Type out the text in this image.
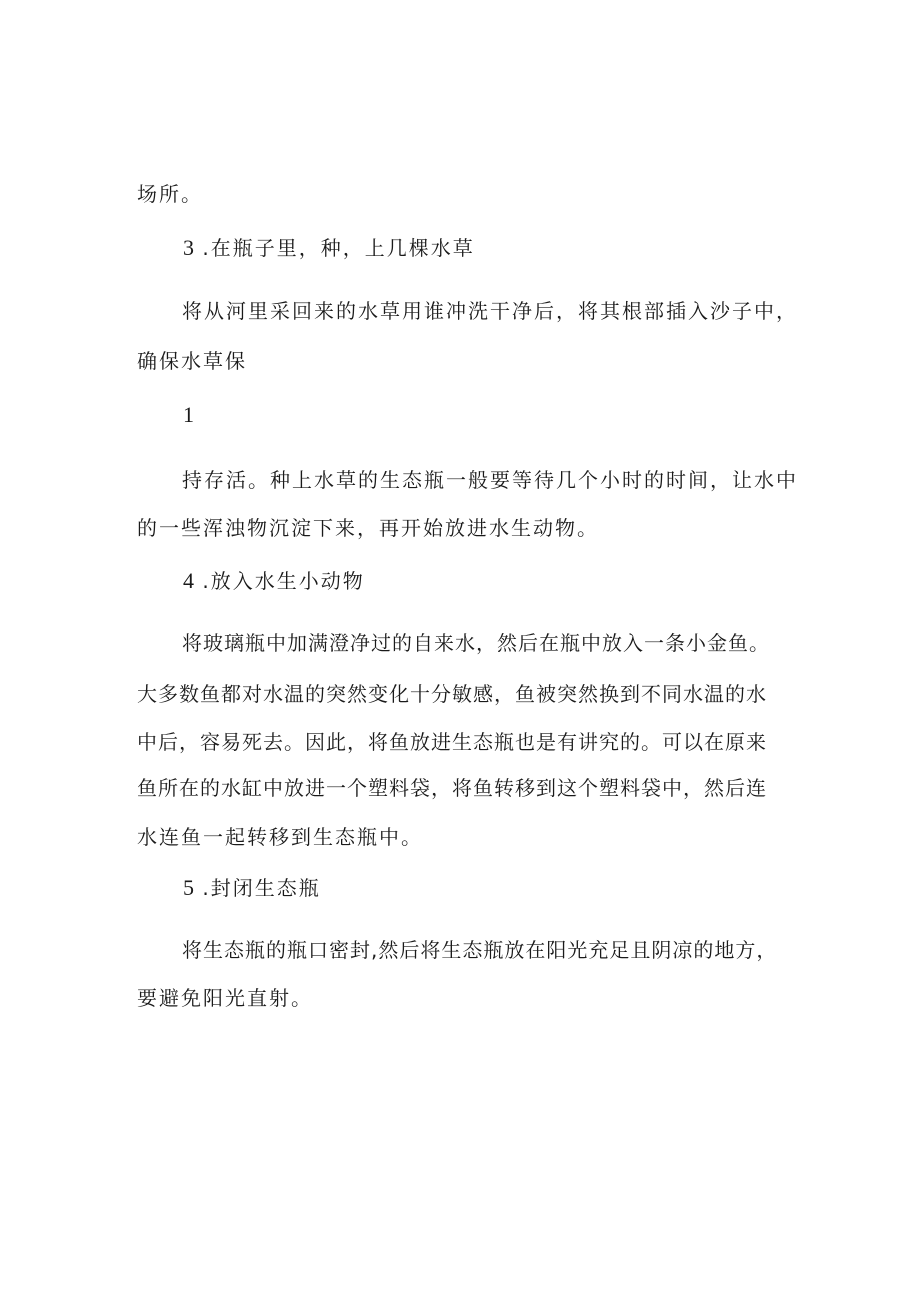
场所。
3 .在瓶子里，种，上几棵水草
将从河里采回来的水草用谁冲洗干净后，将其根部插入沙子中，
确保水草保
1
持存活。种上水草的生态瓶一般要等待几个小时的时间，让水中
的一些浑浊物沉淀下来，再开始放进水生动物。
4 .放入水生小动物
将玻璃瓶中加满澄净过的自来水，然后在瓶中放入一条小金鱼。
大多数鱼都对水温的突然变化十分敏感，鱼被突然换到不同水温的水
中后，容易死去。因此，将鱼放进生态瓶也是有讲究的。可以在原来
鱼所在的水缸中放进一个塑料袋，将鱼转移到这个塑料袋中，然后连
水连鱼一起转移到生态瓶中。
5 .封闭生态瓶
将生态瓶的瓶口密封,然后将生态瓶放在阳光充足且阴凉的地方，
要避免阳光直射。
